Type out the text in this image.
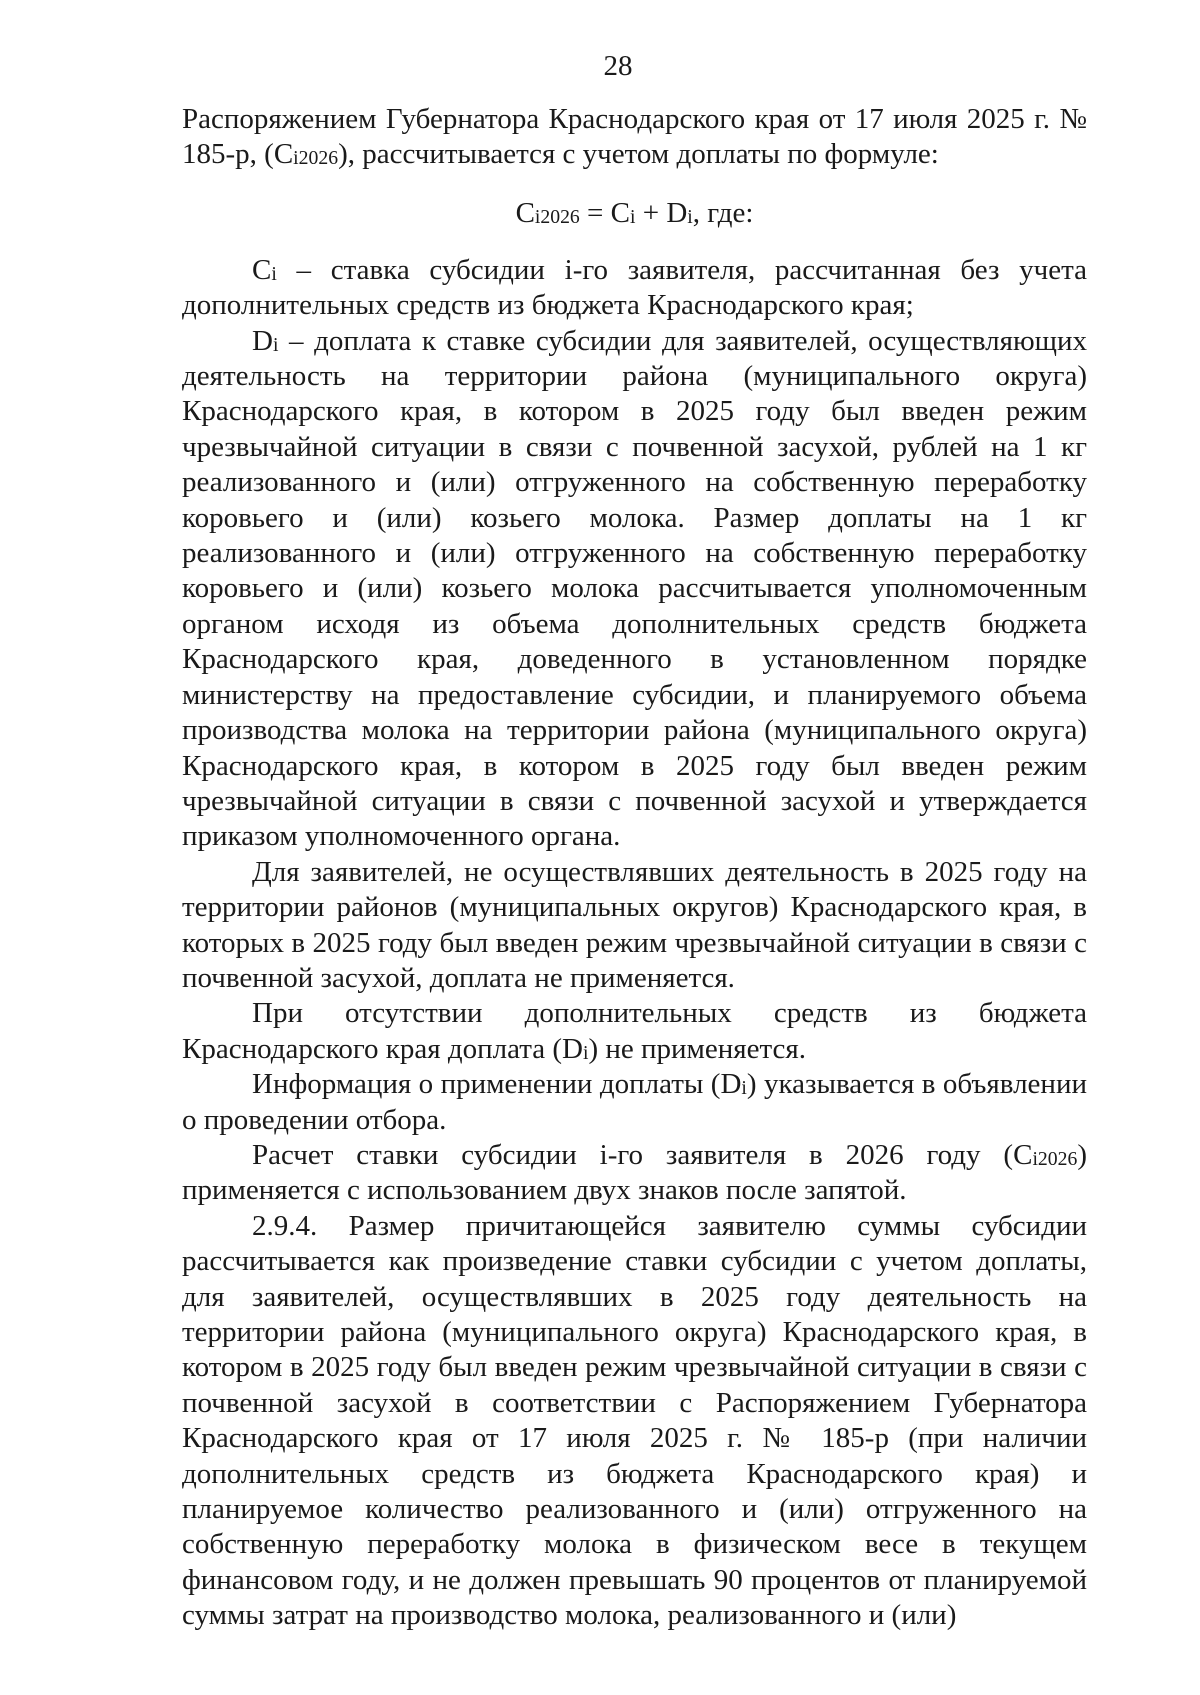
28

Распоряжением Губернатора Краснодарского края от 17 июля 2025 г. № 185-р, $(C_{i2026})$, рассчитывается с учетом доплаты по формуле:

$C_{i2026} = C_i + D_i$, где:

$C_i$ – ставка субсидии i-го заявителя, рассчитанная без учета дополнительных средств из бюджета Краснодарского края;

$D_i$ – доплата к ставке субсидии для заявителей, осуществляющих деятельность на территории района (муниципального округа) Краснодарского края, в котором в 2025 году был введен режим чрезвычайной ситуации в связи с почвенной засухой, рублей на 1 кг реализованного и (или) отгруженного на собственную переработку коровьего и (или) козьего молока. Размер доплаты на 1 кг реализованного и (или) отгруженного на собственную переработку коровьего и (или) козьего молока рассчитывается уполномоченным органом исходя из объема дополнительных средств бюджета Краснодарского края, доведенного в установленном порядке министерству на предоставление субсидии, и планируемого объема производства молока на территории района (муниципального округа) Краснодарского края, в котором в 2025 году был введен режим чрезвычайной ситуации в связи с почвенной засухой и утверждается приказом уполномоченного органа.

Для заявителей, не осуществлявших деятельность в 2025 году на территории районов (муниципальных округов) Краснодарского края, в которых в 2025 году был введен режим чрезвычайной ситуации в связи с почвенной засухой, доплата не применяется.

При отсутствии дополнительных средств из бюджета Краснодарского края доплата $(D_i)$ не применяется.

Информация о применении доплаты $(D_i)$ указывается в объявлении о проведении отбора.

Расчет ставки субсидии i-го заявителя в 2026 году $(C_{i2026})$ применяется с использованием двух знаков после запятой.

2.9.4. Размер причитающейся заявителю суммы субсидии рассчитывается как произведение ставки субсидии с учетом доплаты, для заявителей, осуществлявших в 2025 году деятельность на территории района (муниципального округа) Краснодарского края, в котором в 2025 году был введен режим чрезвычайной ситуации в связи с почвенной засухой в соответствии с Распоряжением Губернатора Краснодарского края от 17 июля 2025 г. № 185-р (при наличии дополнительных средств из бюджета Краснодарского края) и планируемое количество реализованного и (или) отгруженного на собственную переработку молока в физическом весе в текущем финансовом году, и не должен превышать 90 процентов от планируемой суммы затрат на производство молока, реализованного и (или)
